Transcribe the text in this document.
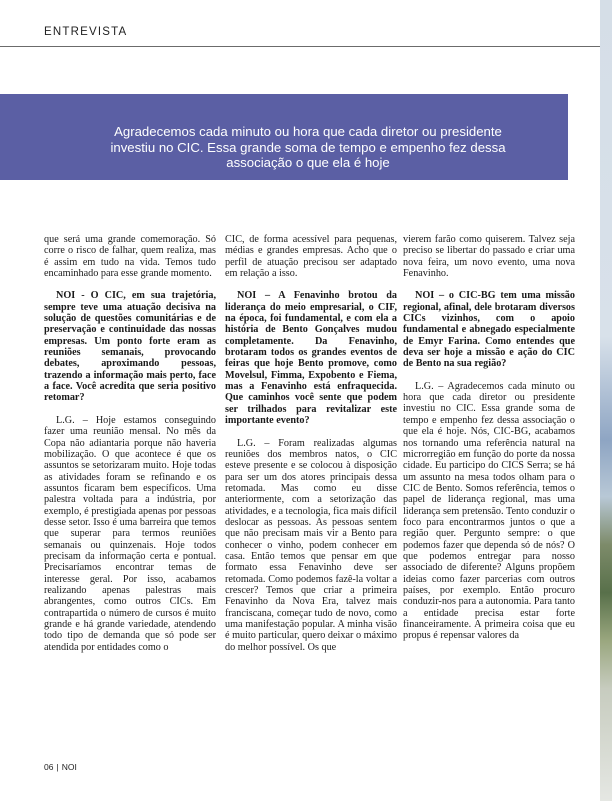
ENTREVISTA

Agradecemos cada minuto ou hora que cada diretor ou presidente investiu no CIC. Essa grande soma de tempo e empenho fez dessa associação o que ela é hoje

que será uma grande comemoração. Só corre o risco de falhar, quem realiza, mas é assim em tudo na vida. Temos tudo encaminhado para esse grande momento.

NOI - O CIC, em sua trajetória, sempre teve uma atuação decisiva na solução de questões comunitárias e de preservação e continuidade das nossas empresas. Um ponto forte eram as reuniões semanais, provocando debates, aproximando pessoas, trazendo a informação mais perto, face a face. Você acredita que seria positivo retomar?

L.G. – Hoje estamos conseguindo fazer uma reunião mensal. No mês da Copa não adiantaria porque não haveria mobilização. O que acontece é que os assuntos se setorizaram muito. Hoje todas as atividades foram se refinando e os assuntos ficaram bem específicos. Uma palestra voltada para a indústria, por exemplo, é prestigiada apenas por pessoas desse setor. Isso é uma barreira que temos que superar para termos reuniões semanais ou quinzenais. Hoje todos precisam da informação certa e pontual. Precisaríamos encontrar temas de interesse geral. Por isso, acabamos realizando apenas palestras mais abrangentes, como outros CICs. Em contrapartida o número de cursos é muito grande e há grande variedade, atendendo todo tipo de demanda que só pode ser atendida por entidades como o

CIC, de forma acessível para pequenas, médias e grandes empresas. Acho que o perfil de atuação precisou ser adaptado em relação a isso.

NOI – A Fenavinho brotou da liderança do meio empresarial, o CIF, na época, foi fundamental, e com ela a história de Bento Gonçalves mudou completamente. Da Fenavinho, brotaram todos os grandes eventos de feiras que hoje Bento promove, como Movelsul, Fimma, Expobento e Fiema, mas a Fenavinho está enfraquecida. Que caminhos você sente que podem ser trilhados para revitalizar este importante evento?

L.G. – Foram realizadas algumas reuniões dos membros natos, o CIC esteve presente e se colocou à disposição para ser um dos atores principais dessa retomada. Mas como eu disse anteriormente, com a setorização das atividades, e a tecnologia, fica mais difícil deslocar as pessoas. As pessoas sentem que não precisam mais vir a Bento para conhecer o vinho, podem conhecer em casa. Então temos que pensar em que formato essa Fenavinho deve ser retomada. Como podemos fazê-la voltar a crescer? Temos que criar a primeira Fenavinho da Nova Era, talvez mais franciscana, começar tudo de novo, como uma manifestação popular. A minha visão é muito particular, quero deixar o máximo do melhor possível. Os que

vierem farão como quiserem. Talvez seja preciso se libertar do passado e criar uma nova feira, um novo evento, uma nova Fenavinho.

NOI – o CIC-BG tem uma missão regional, afinal, dele brotaram diversos CICs vizinhos, com o apoio fundamental e abnegado especialmente de Emyr Farina. Como entendes que deva ser hoje a missão e ação do CIC de Bento na sua região?

L.G. – Agradecemos cada minuto ou hora que cada diretor ou presidente investiu no CIC. Essa grande soma de tempo e empenho fez dessa associação o que ela é hoje. Nós, CIC-BG, acabamos nos tornando uma referência natural na microrregião em função do porte da nossa cidade. Eu participo do CICS Serra; se há um assunto na mesa todos olham para o CIC de Bento. Somos referência, temos o papel de liderança regional, mas uma liderança sem pretensão. Tento conduzir o foco para encontrarmos juntos o que a região quer. Pergunto sempre: o que podemos fazer que dependa só de nós? O que podemos entregar para nosso associado de diferente? Alguns propõem ideias como fazer parcerias com outros países, por exemplo. Então procuro conduzir-nos para a autonomia. Para tanto a entidade precisa estar forte financeiramente. A primeira coisa que eu propus é repensar valores da

06 | NOI
